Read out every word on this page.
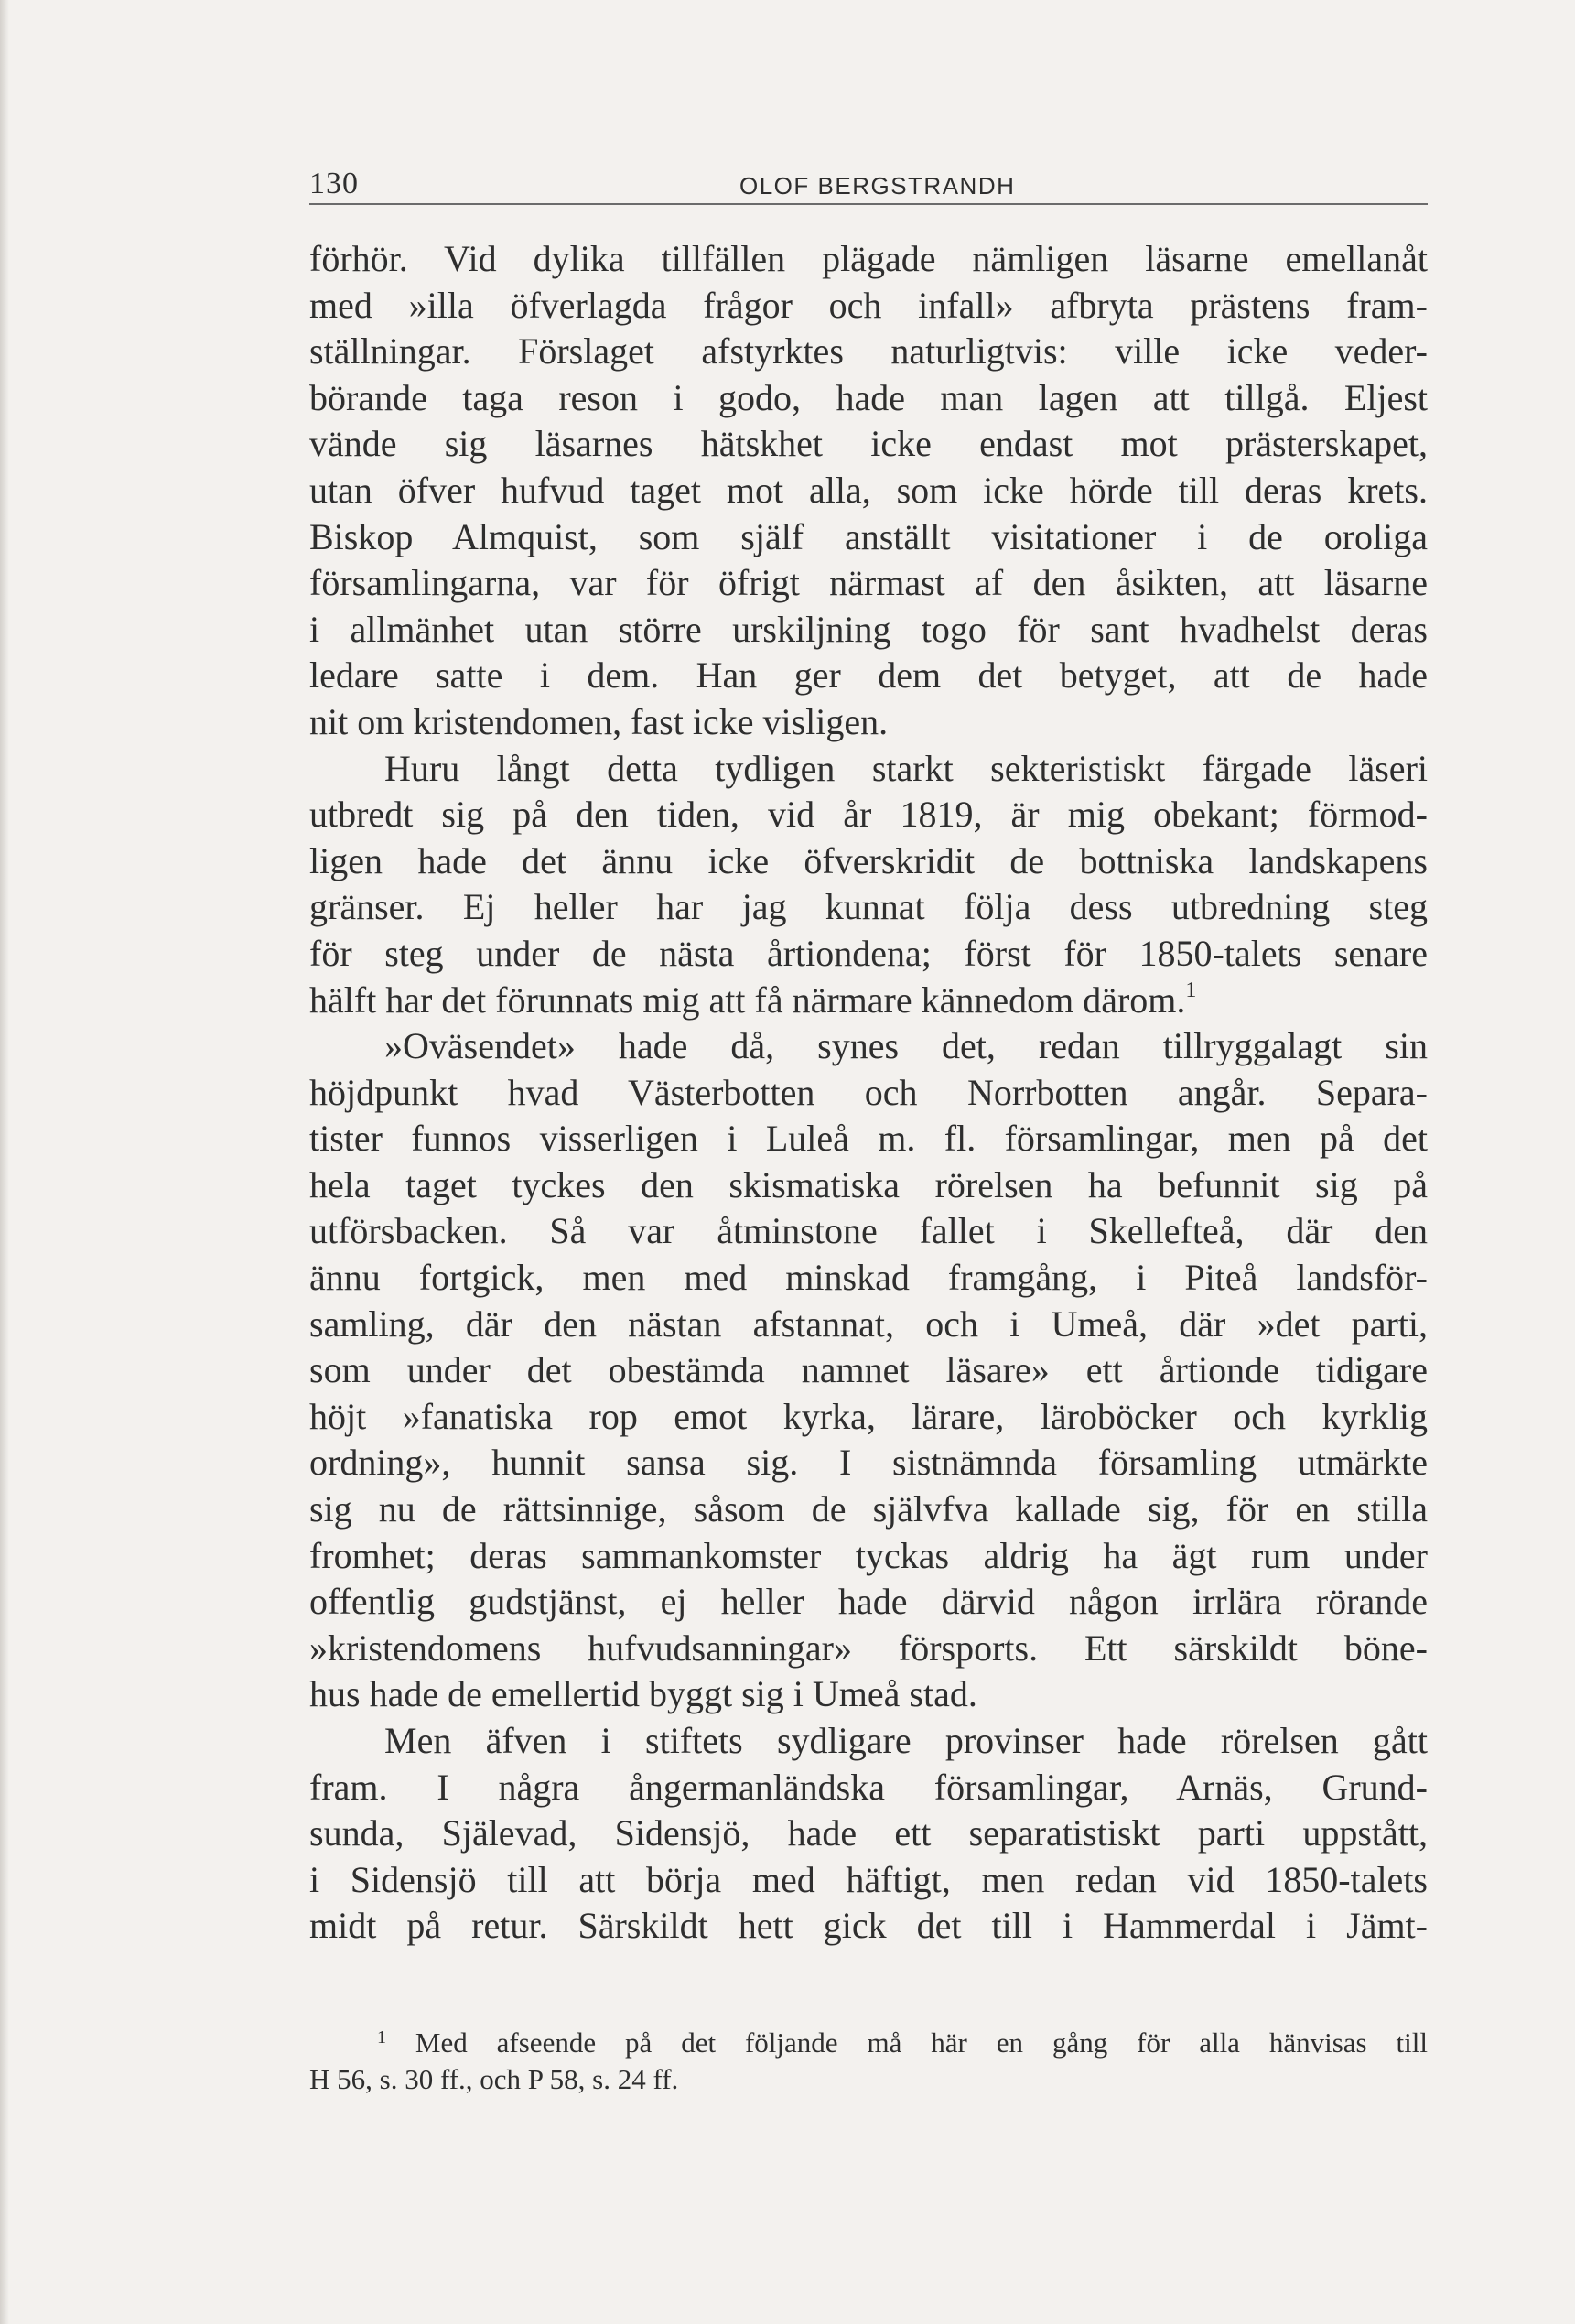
130	OLOF BERGSTRANDH
förhör. Vid dylika tillfällen plägade nämligen läsarne emellanåt
med »illa öfverlagda frågor och infall» afbryta prästens fram-
ställningar. Förslaget afstyrktes naturligtvis: ville icke veder-
börande taga reson i godo, hade man lagen att tillgå. Eljest
vände sig läsarnes hätskhet icke endast mot prästerskapet,
utan öfver hufvud taget mot alla, som icke hörde till deras krets.
Biskop Almquist, som själf anställt visitationer i de oroliga
församlingarna, var för öfrigt närmast af den åsikten, att läsarne
i allmänhet utan större urskiljning togo för sant hvadhelst deras
ledare satte i dem. Han ger dem det betyget, att de hade
nit om kristendomen, fast icke visligen.
Huru långt detta tydligen starkt sekteristiskt färgade läseri
utbredt sig på den tiden, vid år 1819, är mig obekant; förmod-
ligen hade det ännu icke öfverskridit de bottniska landskapens
gränser. Ej heller har jag kunnat följa dess utbredning steg
för steg under de nästa årtiondena; först för 1850-talets senare
hälft har det förunnats mig att få närmare kännedom därom.$^1$
»Oväsendet» hade då, synes det, redan tillryggalagt sin
höjdpunkt hvad Västerbotten och Norrbotten angår. Separa-
tister funnos visserligen i Luleå m. fl. församlingar, men på det
hela taget tyckes den skismatiska rörelsen ha befunnit sig på
utförsbacken. Så var åtminstone fallet i Skellefteå, där den
ännu fortgick, men med minskad framgång, i Piteå landsför-
samling, där den nästan afstannat, och i Umeå, där »det parti,
som under det obestämda namnet läsare» ett årtionde tidigare
höjt »fanatiska rop emot kyrka, lärare, läroböcker och kyrklig
ordning», hunnit sansa sig. I sistnämnda församling utmärkte
sig nu de rättsinnige, såsom de självfva kallade sig, för en stilla
fromhet; deras sammankomster tyckas aldrig ha ägt rum under
offentlig gudstjänst, ej heller hade därvid någon irrlära rörande
»kristendomens hufvudsanningar» försports. Ett särskildt böne-
hus hade de emellertid byggt sig i Umeå stad.
Men äfven i stiftets sydligare provinser hade rörelsen gått
fram. I några ångermanländska församlingar, Arnäs, Grund-
sunda, Själevad, Sidensjö, hade ett separatistiskt parti uppstått,
i Sidensjö till att börja med häftigt, men redan vid 1850-talets
midt på retur. Särskildt hett gick det till i Hammerdal i Jämt-
$^1$ Med afseende på det följande må här en gång för alla hänvisas till
H 56, s. 30 ff., och P 58, s. 24 ff.
